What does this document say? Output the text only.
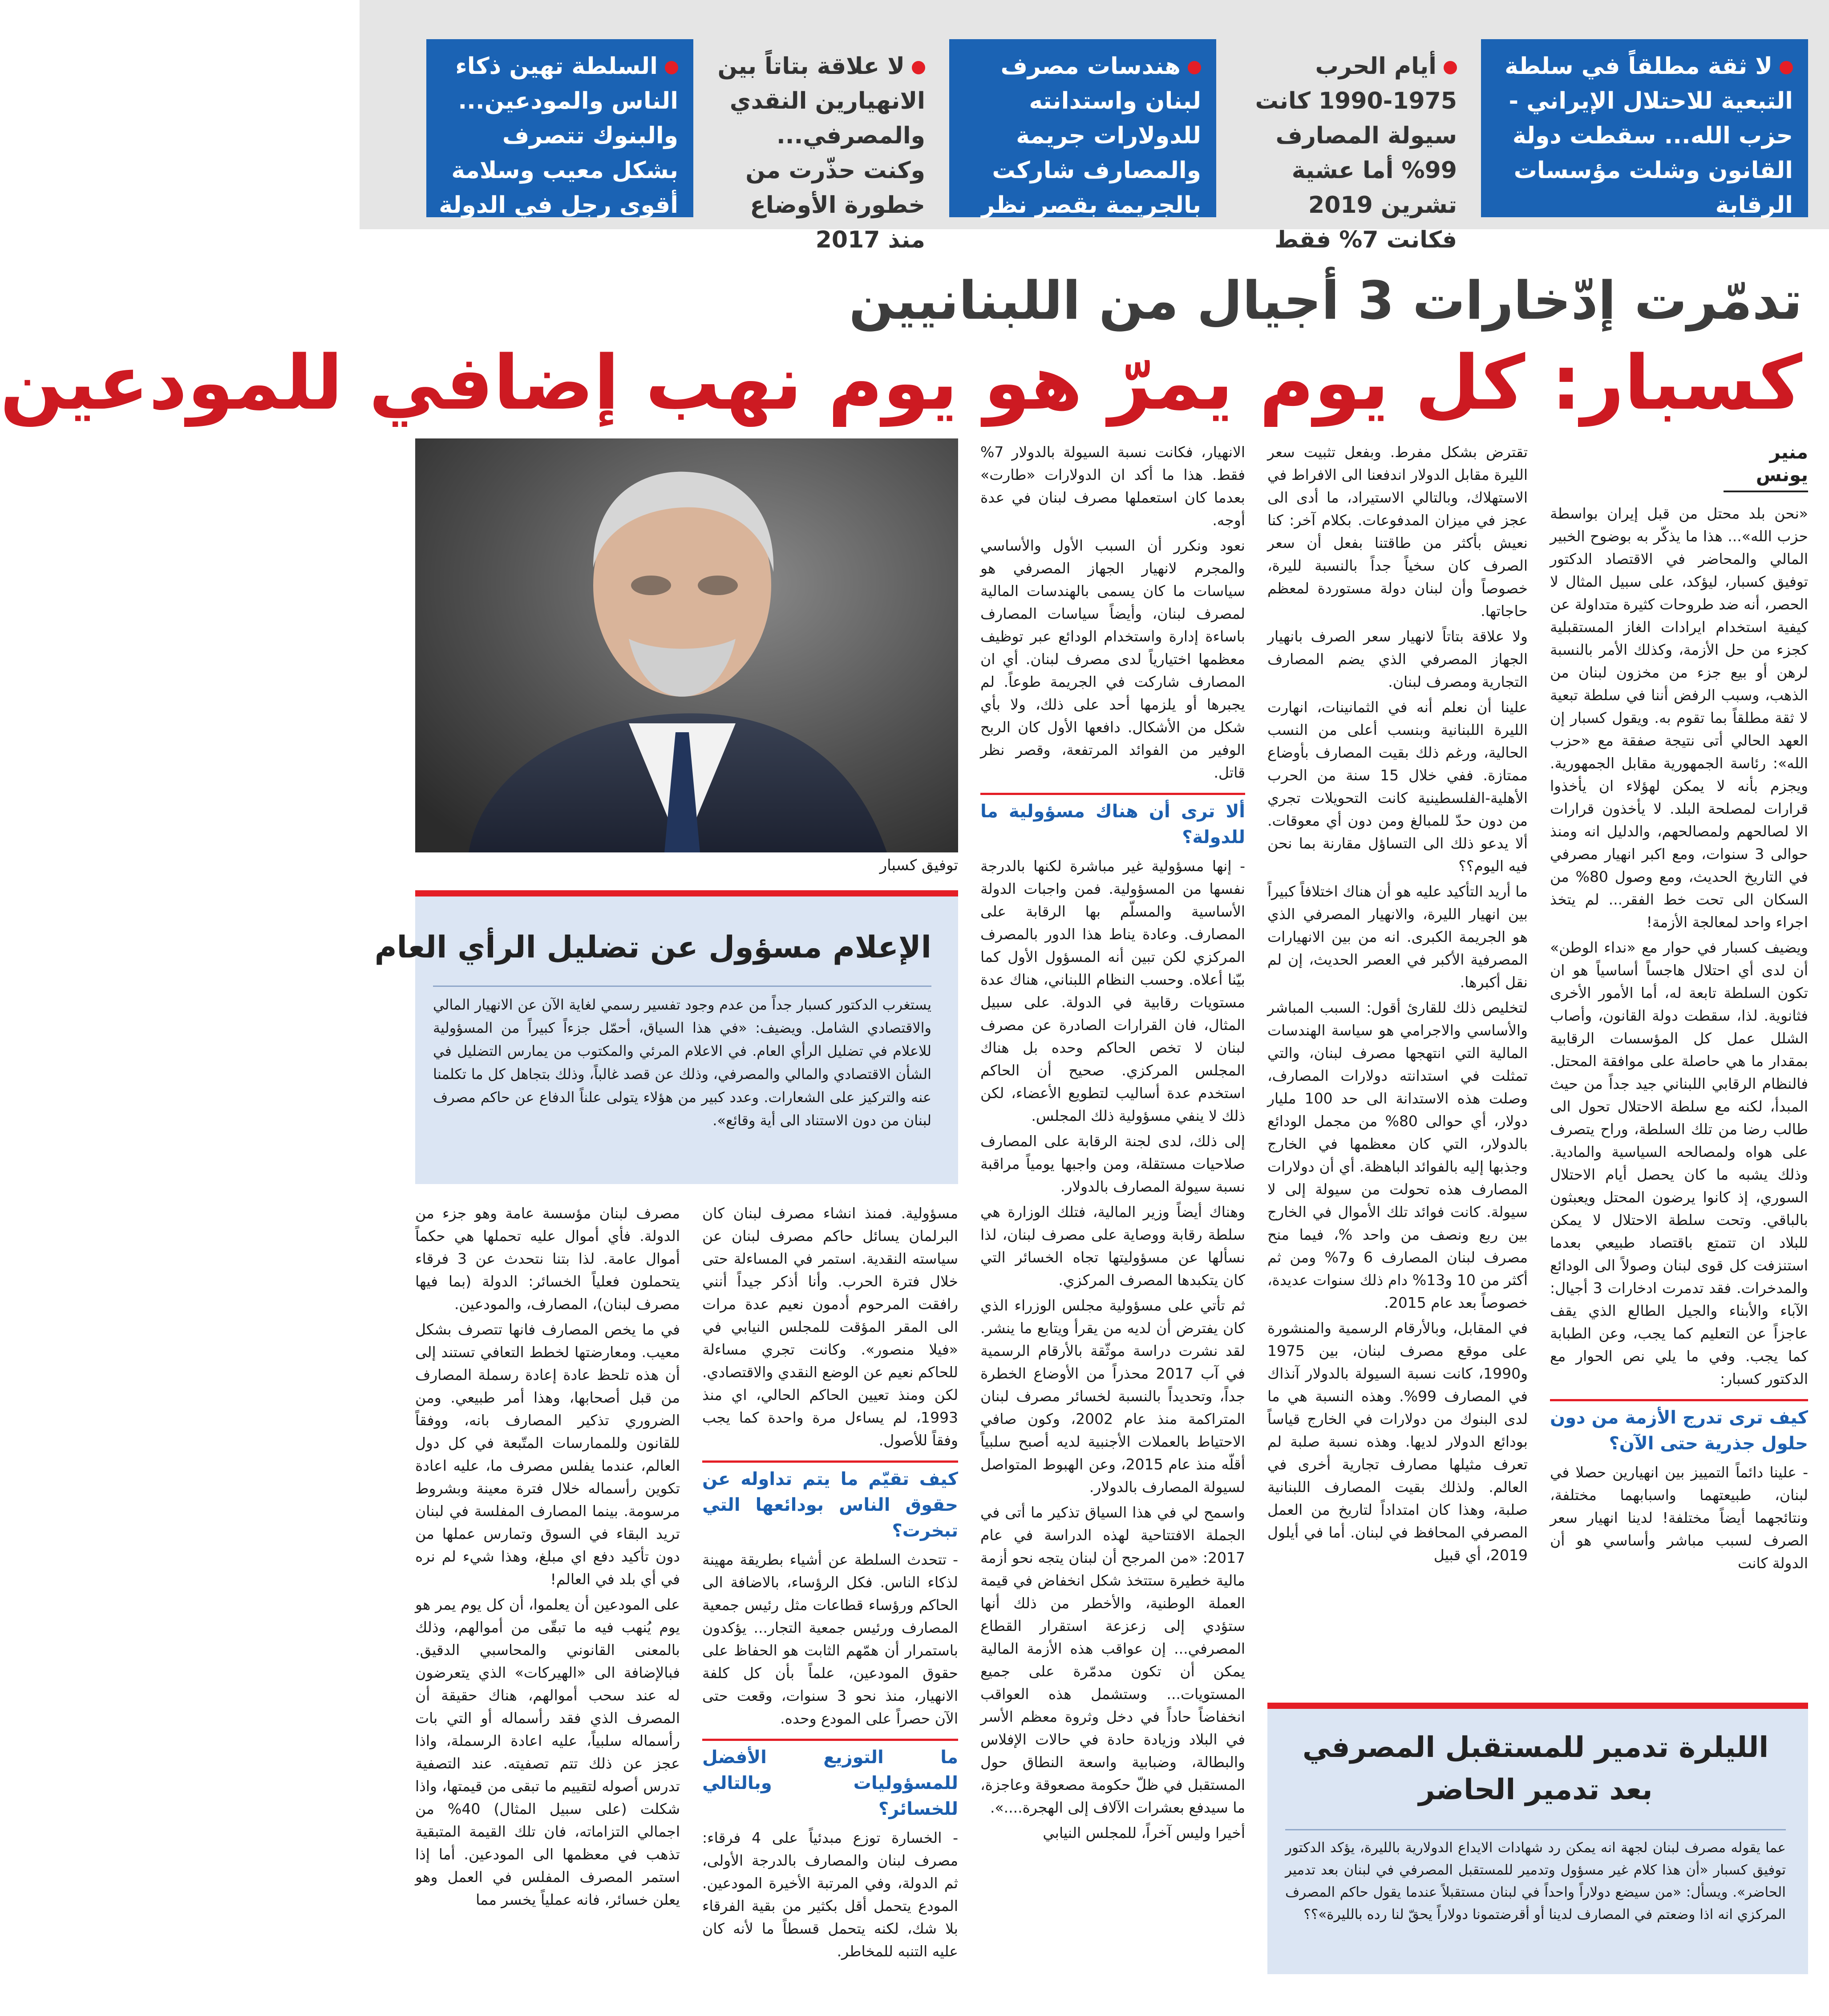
لا ثقة مطلقاً في سلطة التبعية للاحتلال الإيراني - حزب الله... سقطت دولة القانون وشلت مؤسسات الرقابة
أيام الحرب 1975-1990 كانت سيولة المصارف 99% أما عشية تشرين 2019 فكانت 7% فقط
هندسات مصرف لبنان واستدانته للدولارات جريمة والمصارف شاركت بالجريمة بقصر نظر قاتل
لا علاقة بتاتاً بين الانهيارين النقدي والمصرفي... وكنت حذّرت من خطورة الأوضاع منذ 2017
السلطة تهين ذكاء الناس والمودعين... والبنوك تتصرف بشكل معيب وسلامة أقوى رجل في الدولة
تدمّرت إدّخارات 3 أجيال من اللبنانيين
كسبار: كل يوم يمرّ هو يوم نهب إضافي للمودعين
منير يونس

«نحن بلد محتل من قبل إيران بواسطة حزب الله»... هذا ما يذكّر به بوضوح الخبير المالي والمحاضر في الاقتصاد الدكتور توفيق كسبار، ليؤكد، على سبيل المثال لا الحصر، أنه ضد طروحات كثيرة متداولة عن كيفية استخدام ايرادات الغاز المستقبلية كجزء من حل الأزمة، وكذلك الأمر بالنسبة لرهن أو بيع جزء من مخزون لبنان من الذهب، وسبب الرفض أننا في سلطة تبعية لا ثقة مطلقاً بما تقوم به. ويقول كسبار إن العهد الحالي أتى نتيجة صفقة مع «حزب الله»: رئاسة الجمهورية مقابل الجمهورية. ويجزم بأنه لا يمكن لهؤلاء ان يأخذوا قرارات لمصلحة البلد. لا يأخذون قرارات الا لصالحهم ولمصالحهم، والدليل انه ومنذ حوالى 3 سنوات، ومع اكبر انهيار مصرفي في التاريخ الحديث، ومع وصول 80% من السكان الى تحت خط الفقر... لم يتخذ اجراء واحد لمعالجة الأزمة!

ويضيف كسبار في حوار مع «نداء الوطن» أن لدى أي احتلال هاجساً أساسياً هو ان تكون السلطة تابعة له، أما الأمور الأخرى فثانوية. لذا، سقطت دولة القانون، وأصاب الشلل عمل كل المؤسسات الرقابية بمقدار ما هي حاصلة على موافقة المحتل. فالنظام الرقابي اللبناني جيد جداً من حيث المبدأ، لكنه مع سلطة الاحتلال تحول الى طالب رضا من تلك السلطة، وراح يتصرف على هواه ولمصالحه السياسية والمادية. وذلك يشبه ما كان يحصل أيام الاحتلال السوري، إذ كانوا يرضون المحتل ويعبثون بالباقي. وتحت سلطة الاحتلال لا يمكن للبلاد ان تتمتع باقتصاد طبيعي بعدما استنزفت كل قوى لبنان وصولاً الى الودائع والمدخرات. فقد تدمرت ادخارات 3 أجيال: الآباء والأبناء والجيل الطالع الذي يقف عاجزاً عن التعليم كما يجب، وعن الطبابة كما يجب. وفي ما يلي نص الحوار مع الدكتور كسبار:

كيف ترى تدرج الأزمة من دون حلول جذرية حتى الآن؟

- علينا دائماً التمييز بين انهيارين حصلا في لبنان، طبيعتهما واسبابهما مختلفة، ونتائجهما أيضاً مختلفة! لدينا انهيار سعر الصرف لسبب مباشر وأساسي هو أن الدولة كانت

تقترض بشكل مفرط. وبفعل تثبيت سعر الليرة مقابل الدولار اندفعنا الى الافراط في الاستهلاك، وبالتالي الاستيراد، ما أدى الى عجز في ميزان المدفوعات. بكلام آخر: كنا نعيش بأكثر من طاقتنا بفعل أن سعر الصرف كان سخياً جداً بالنسبة لليرة، خصوصاً وأن لبنان دولة مستوردة لمعظم حاجاتها.

ولا علاقة بتاتاً لانهيار سعر الصرف بانهيار الجهاز المصرفي الذي يضم المصارف التجارية ومصرف لبنان.

علينا أن نعلم أنه في الثمانينات، انهارت الليرة اللبنانية وبنسب أعلى من النسب الحالية، ورغم ذلك بقيت المصارف بأوضاع ممتازة. ففي خلال 15 سنة من الحرب الأهلية-الفلسطينية كانت التحويلات تجري من دون حدّ للمبالغ ومن دون أي معوقات. ألا يدعو ذلك الى التساؤل مقارنة بما نحن فيه اليوم؟؟

ما أريد التأكيد عليه هو أن هناك اختلافاً كبيراً بين انهيار الليرة، والانهيار المصرفي الذي هو الجريمة الكبرى. انه من بين الانهيارات المصرفية الأكبر في العصر الحديث، إن لم نقل أكبرها.

لتخليص ذلك للقارئ أقول: السبب المباشر والأساسي والاجرامي هو سياسة الهندسات المالية التي انتهجها مصرف لبنان، والتي تمثلت في استدانته دولارات المصارف، وصلت هذه الاستدانة الى حد 100 مليار دولار، أي حوالى 80% من مجمل الودائع بالدولار، التي كان معظمها في الخارج وجذبها إليه بالفوائد الباهظة. أي أن دولارات المصارف هذه تحولت من سيولة إلى لا سيولة. كانت فوائد تلك الأموال في الخارج بين ربع ونصف من واحد %، فيما منح مصرف لبنان المصارف 6 و7% ومن ثم أكثر من 10 و13% دام ذلك سنوات عديدة، خصوصاً بعد عام 2015.

في المقابل، وبالأرقام الرسمية والمنشورة على موقع مصرف لبنان، بين 1975 و1990، كانت نسبة السيولة بالدولار آنذاك في المصارف 99%. وهذه النسبة هي ما لدى البنوك من دولارات في الخارج قياساً بودائع الدولار لديها. وهذه نسبة صلبة لم تعرف مثيلها مصارف تجارية أخرى في العالم. ولذلك بقيت المصارف اللبنانية صلبة، وهذا كان امتداداً لتاريخ من العمل المصرفي المحافظ في لبنان. أما في أيلول 2019، أي قبيل

الانهيار، فكانت نسبة السيولة بالدولار 7% فقط. هذا ما أكد ان الدولارات «طارت» بعدما كان استعملها مصرف لبنان في عدة أوجه.

نعود ونكرر أن السبب الأول والأساسي والمجرم لانهيار الجهاز المصرفي هو سياسات ما كان يسمى بالهندسات المالية لمصرف لبنان، وأيضاً سياسات المصارف باساءة إدارة واستخدام الودائع عبر توظيف معظمها اختيارياً لدى مصرف لبنان. أي ان المصارف شاركت في الجريمة طوعاً. لم يجبرها أو يلزمها أحد على ذلك، ولا بأي شكل من الأشكال. دافعها الأول كان الربح الوفير من الفوائد المرتفعة، وقصر نظر قاتل.

ألا ترى أن هناك مسؤولية ما للدولة؟

- إنها مسؤولية غير مباشرة لكنها بالدرجة نفسها من المسؤولية. فمن واجبات الدولة الأساسية والمسلّم بها الرقابة على المصارف. وعادة يناط هذا الدور بالمصرف المركزي لكن تبين أنه المسؤول الأول كما بيّنا أعلاه. وحسب النظام اللبناني، هناك عدة مستويات رقابية في الدولة. على سبيل المثال، فان القرارات الصادرة عن مصرف لبنان لا تخص الحاكم وحده بل هناك المجلس المركزي. صحيح أن الحاكم استخدم عدة أساليب لتطويع الأعضاء، لكن ذلك لا ينفي مسؤولية ذلك المجلس.

إلى ذلك، لدى لجنة الرقابة على المصارف صلاحيات مستقلة، ومن واجبها يومياً مراقبة نسبة سيولة المصارف بالدولار.

وهناك أيضاً وزير المالية، فتلك الوزارة هي سلطة رقابة ووصاية على مصرف لبنان، لذا نسألها عن مسؤوليتها تجاه الخسائر التي كان يتكبدها المصرف المركزي.

ثم تأتي على مسؤولية مجلس الوزراء الذي كان يفترض أن لديه من يقرأ ويتابع ما ينشر. لقد نشرت دراسة موثّقة بالأرقام الرسمية في آب 2017 محذراً من الأوضاع الخطرة جداً، وتحديداً بالنسبة لخسائر مصرف لبنان المتراكمة منذ عام 2002، وكون صافي الاحتياط بالعملات الأجنبية لديه أصبح سلبياً أقلّه منذ عام 2015، وعن الهبوط المتواصل لسيولة المصارف بالدولار.

واسمح لي في هذا السياق تذكير ما أتى في الجملة الافتتاحية لهذه الدراسة في عام 2017: «من المرجح أن لبنان يتجه نحو أزمة مالية خطيرة ستتخذ شكل انخفاض في قيمة العملة الوطنية، والأخطر من ذلك أنها ستؤدي إلى زعزعة استقرار القطاع المصرفي... إن عواقب هذه الأزمة المالية يمكن أن تكون مدمّرة على جميع المستويات... وستشمل هذه العواقب انخفاضاً حاداً في دخل وثروة معظم الأسر في البلاد وزيادة حادة في حالات الإفلاس والبطالة، وضبابية واسعة النطاق حول المستقبل في ظلّ حكومة مصعوقة وعاجزة، ما سيدفع بعشرات الآلاف إلى الهجرة....».

أخيرا وليس آخراً، للمجلس النيابي

توفيق كسبار
الإعلام مسؤول عن تضليل الرأي العام
يستغرب الدكتور كسبار جداً من عدم وجود تفسير رسمي لغاية الآن عن الانهيار المالي والاقتصادي الشامل. ويضيف: «في هذا السياق، أحمّل جزءاً كبيراً من المسؤولية للاعلام في تضليل الرأي العام. في الاعلام المرئي والمكتوب من يمارس التضليل في الشأن الاقتصادي والمالي والمصرفي، وذلك عن قصد غالباً، وذلك بتجاهل كل ما تكلمنا عنه والتركيز على الشعارات. وعدد كبير من هؤلاء يتولى علناً الدفاع عن حاكم مصرف لبنان من دون الاستناد الى أية وقائع».

مسؤولية. فمنذ انشاء مصرف لبنان كان البرلمان يسائل حاكم مصرف لبنان عن سياسته النقدية. استمر في المساءلة حتى خلال فترة الحرب. وأنا أذكر جيداً أنني رافقت المرحوم أدمون نعيم عدة مرات الى المقر المؤقت للمجلس النيابي في «فيلا منصور». وكانت تجري مساءلة للحاكم نعيم عن الوضع النقدي والاقتصادي. لكن ومنذ تعيين الحاكم الحالي، اي منذ 1993، لم يساءل مرة واحدة كما يجب وفقاً للأصول.

كيف تقيّم ما يتم تداوله عن حقوق الناس بودائعها التي تبخرت؟

- تتحدث السلطة عن أشياء بطريقة مهينة لذكاء الناس. فكل الرؤساء، بالاضافة الى الحاكم ورؤساء قطاعات مثل رئيس جمعية المصارف ورئيس جمعية التجار... يؤكدون باستمرار أن همّهم الثابت هو الحفاظ على حقوق المودعين، علماً بأن كل كلفة الانهيار، منذ نحو 3 سنوات، وقعت حتى الآن حصراً على المودع وحده.

ما التوزيع الأفضل للمسؤوليات وبالتالي للخسائر؟

- الخسارة توزع مبدئياً على 4 فرقاء: مصرف لبنان والمصارف بالدرجة الأولى، ثم الدولة، وفي المرتبة الأخيرة المودعين. المودع يتحمل أقل بكثير من بقية الفرقاء بلا شك، لكنه يتحمل قسطاً ما لأنه كان عليه التنبه للمخاطر.

مصرف لبنان مؤسسة عامة وهو جزء من الدولة. فأي أموال عليه تحملها هي حكماً أموال عامة. لذا بتنا نتحدث عن 3 فرقاء يتحملون فعلياً الخسائر: الدولة (بما فيها مصرف لبنان)، المصارف، والمودعين.

في ما يخص المصارف فانها تتصرف بشكل معيب. ومعارضتها لخطط التعافي تستند إلى أن هذه تلحظ عادة إعادة رسملة المصارف من قبل أصحابها، وهذا أمر طبيعي. ومن الضروري تذكير المصارف بانه، ووفقاً للقانون وللممارسات المتّبعة في كل دول العالم، عندما يفلس مصرف ما، عليه اعادة تكوين رأسماله خلال فترة معينة وبشروط مرسومة. بينما المصارف المفلسة في لبنان تريد البقاء في السوق وتمارس عملها من دون تأكيد دفع اي مبلغ، وهذا شيء لم نره في أي بلد في العالم!

على المودعين أن يعلموا، أن كل يوم يمر هو يوم يُنهب فيه ما تبقّى من أموالهم، وذلك بالمعنى القانوني والمحاسبي الدقيق. فبالإضافة الى «الهيركات» الذي يتعرضون له عند سحب أموالهم، هناك حقيقة أن المصرف الذي فقد رأسماله أو التي بات رأسماله سلبياً، عليه اعادة الرسملة، واذا عجز عن ذلك تتم تصفيته. عند التصفية تدرس أصوله لتقييم ما تبقى من قيمتها، واذا شكلت (على سبيل المثال) 40% من اجمالي التزاماته، فان تلك القيمة المتبقية تذهب في معظمها الى المودعين. أما إذا استمر المصرف المفلس في العمل وهو يعلن خسائر، فانه عملياً يخسر مما

الليلرة تدمير للمستقبل المصرفي بعد تدمير الحاضر
عما يقوله مصرف لبنان لجهة انه يمكن رد شهادات الايداع الدولارية بالليرة، يؤكد الدكتور توفيق كسبار «أن هذا كلام غير مسؤول وتدمير للمستقبل المصرفي في لبنان بعد تدمير الحاضر». ويسأل: «من سيضع دولاراً واحداً في لبنان مستقبلاً عندما يقول حاكم المصرف المركزي انه اذا وضعتم في المصارف لدينا أو أقرضتمونا دولاراً يحقّ لنا رده بالليرة»؟؟
